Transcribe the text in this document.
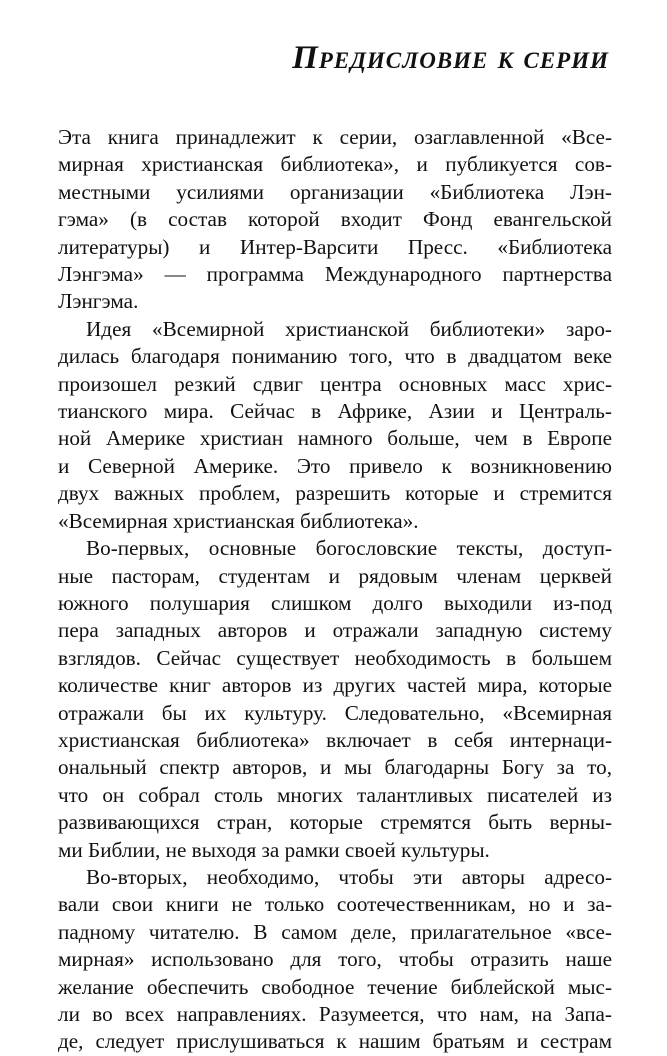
Предисловие к серии

Эта книга принадлежит к серии, озаглавленной «Все-
мирная христианская библиотека», и публикуется сов-
местными усилиями организации «Библиотека Лэн-
гэма» (в состав которой входит Фонд евангельской
литературы) и Интер-Варсити Пресс. «Библиотека
Лэнгэма» — программа Международного партнерства
Лэнгэма.

Идея «Всемирной христианской библиотеки» заро-
дилась благодаря пониманию того, что в двадцатом веке
произошел резкий сдвиг центра основных масс хрис-
тианского мира. Сейчас в Африке, Азии и Централь-
ной Америке христиан намного больше, чем в Европе
и Северной Америке. Это привело к возникновению
двух важных проблем, разрешить которые и стремится
«Всемирная христианская библиотека».

Во-первых, основные богословские тексты, доступ-
ные пасторам, студентам и рядовым членам церквей
южного полушария слишком долго выходили из-под
пера западных авторов и отражали западную систему
взглядов. Сейчас существует необходимость в большем
количестве книг авторов из других частей мира, которые
отражали бы их культуру. Следовательно, «Всемирная
христианская библиотека» включает в себя интернаци-
ональный спектр авторов, и мы благодарны Богу за то,
что он собрал столь многих талантливых писателей из
развивающихся стран, которые стремятся быть верны-
ми Библии, не выходя за рамки своей культуры.

Во-вторых, необходимо, чтобы эти авторы адресо-
вали свои книги не только соотечественникам, но и за-
падному читателю. В самом деле, прилагательное «все-
мирная» использовано для того, чтобы отразить наше
желание обеспечить свободное течение библейской мыс-
ли во всех направлениях. Разумеется, что нам, на Запа-
де, следует прислушиваться к нашим братьям и сестрам
